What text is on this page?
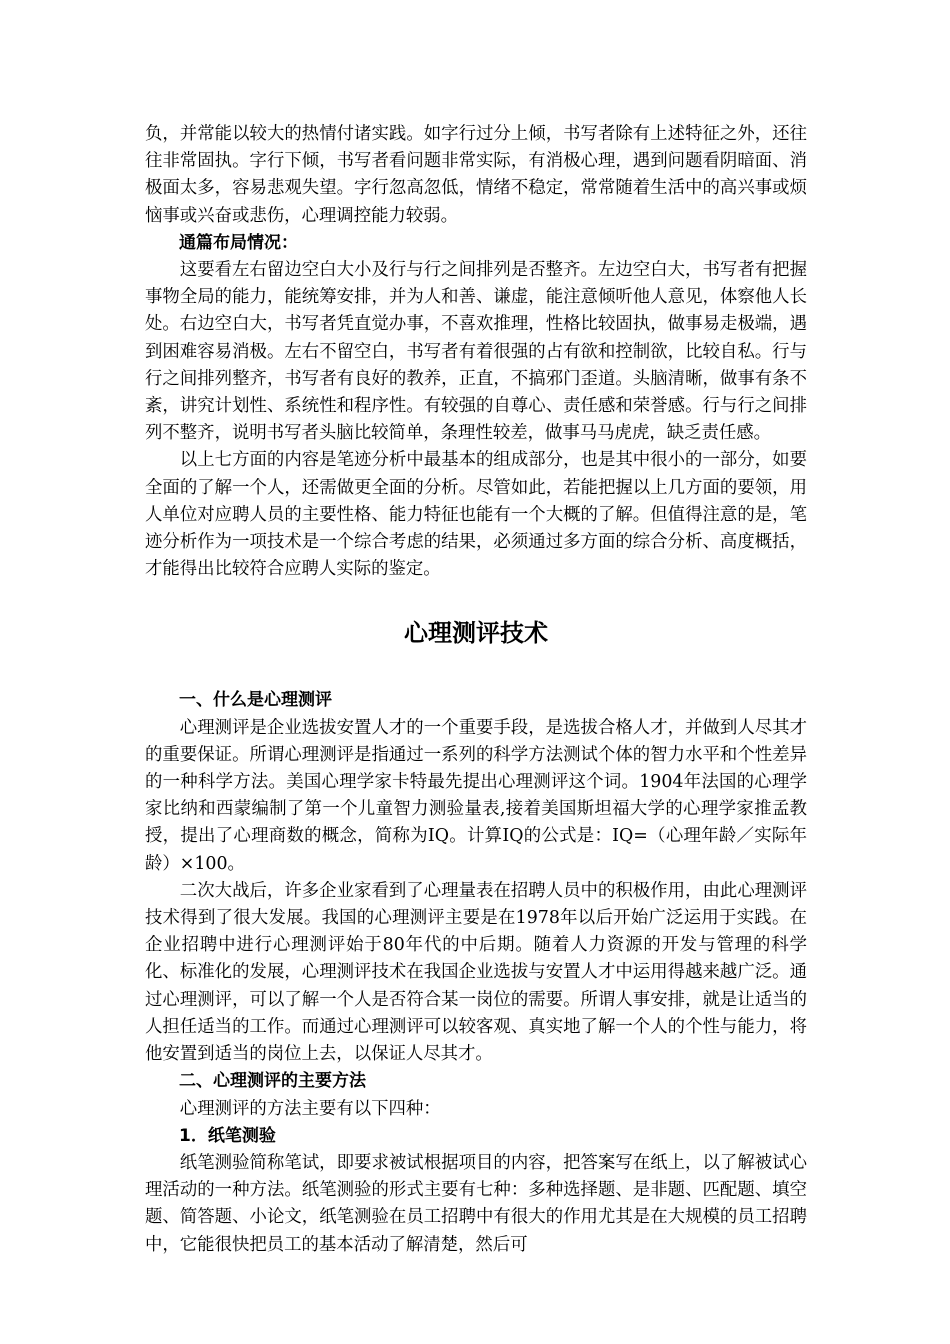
负，并常能以较大的热情付诸实践。如字行过分上倾，书写者除有上述特征之外，还往往非常固执。字行下倾，书写者看问题非常实际，有消极心理，遇到问题看阴暗面、消极面太多，容易悲观失望。字行忽高忽低，情绪不稳定，常常随着生活中的高兴事或烦恼事或兴奋或悲伤，心理调控能力较弱。

通篇布局情况：

这要看左右留边空白大小及行与行之间排列是否整齐。左边空白大，书写者有把握事物全局的能力，能统筹安排，并为人和善、谦虚，能注意倾听他人意见，体察他人长处。右边空白大，书写者凭直觉办事，不喜欢推理，性格比较固执，做事易走极端，遇到困难容易消极。左右不留空白，书写者有着很强的占有欲和控制欲，比较自私。行与行之间排列整齐，书写者有良好的教养，正直，不搞邪门歪道。头脑清晰，做事有条不紊，讲究计划性、系统性和程序性。有较强的自尊心、责任感和荣誉感。行与行之间排列不整齐，说明书写者头脑比较简单，条理性较差，做事马马虎虎，缺乏责任感。

以上七方面的内容是笔迹分析中最基本的组成部分，也是其中很小的一部分，如要全面的了解一个人，还需做更全面的分析。尽管如此，若能把握以上几方面的要领，用人单位对应聘人员的主要性格、能力特征也能有一个大概的了解。但值得注意的是，笔迹分析作为一项技术是一个综合考虑的结果，必须通过多方面的综合分析、高度概括，才能得出比较符合应聘人实际的鉴定。

心理测评技术

一、什么是心理测评

心理测评是企业选拔安置人才的一个重要手段，是选拔合格人才，并做到人尽其才的重要保证。所谓心理测评是指通过一系列的科学方法测试个体的智力水平和个性差异的一种科学方法。美国心理学家卡特最先提出心理测评这个词。1904年法国的心理学家比纳和西蒙编制了第一个儿童智力测验量表,接着美国斯坦福大学的心理学家推孟教授，提出了心理商数的概念，简称为IQ。计算IQ的公式是：IQ=（心理年龄／实际年龄）×100。

二次大战后，许多企业家看到了心理量表在招聘人员中的积极作用，由此心理测评技术得到了很大发展。我国的心理测评主要是在1978年以后开始广泛运用于实践。在企业招聘中进行心理测评始于80年代的中后期。随着人力资源的开发与管理的科学化、标准化的发展，心理测评技术在我国企业选拔与安置人才中运用得越来越广泛。通过心理测评，可以了解一个人是否符合某一岗位的需要。所谓人事安排，就是让适当的人担任适当的工作。而通过心理测评可以较客观、真实地了解一个人的个性与能力，将他安置到适当的岗位上去，以保证人尽其才。

二、心理测评的主要方法

心理测评的方法主要有以下四种：

1．纸笔测验

纸笔测验简称笔试，即要求被试根据项目的内容，把答案写在纸上，以了解被试心理活动的一种方法。纸笔测验的形式主要有七种：多种选择题、是非题、匹配题、填空题、简答题、小论文，纸笔测验在员工招聘中有很大的作用尤其是在大规模的员工招聘中，它能很快把员工的基本活动了解清楚，然后可
